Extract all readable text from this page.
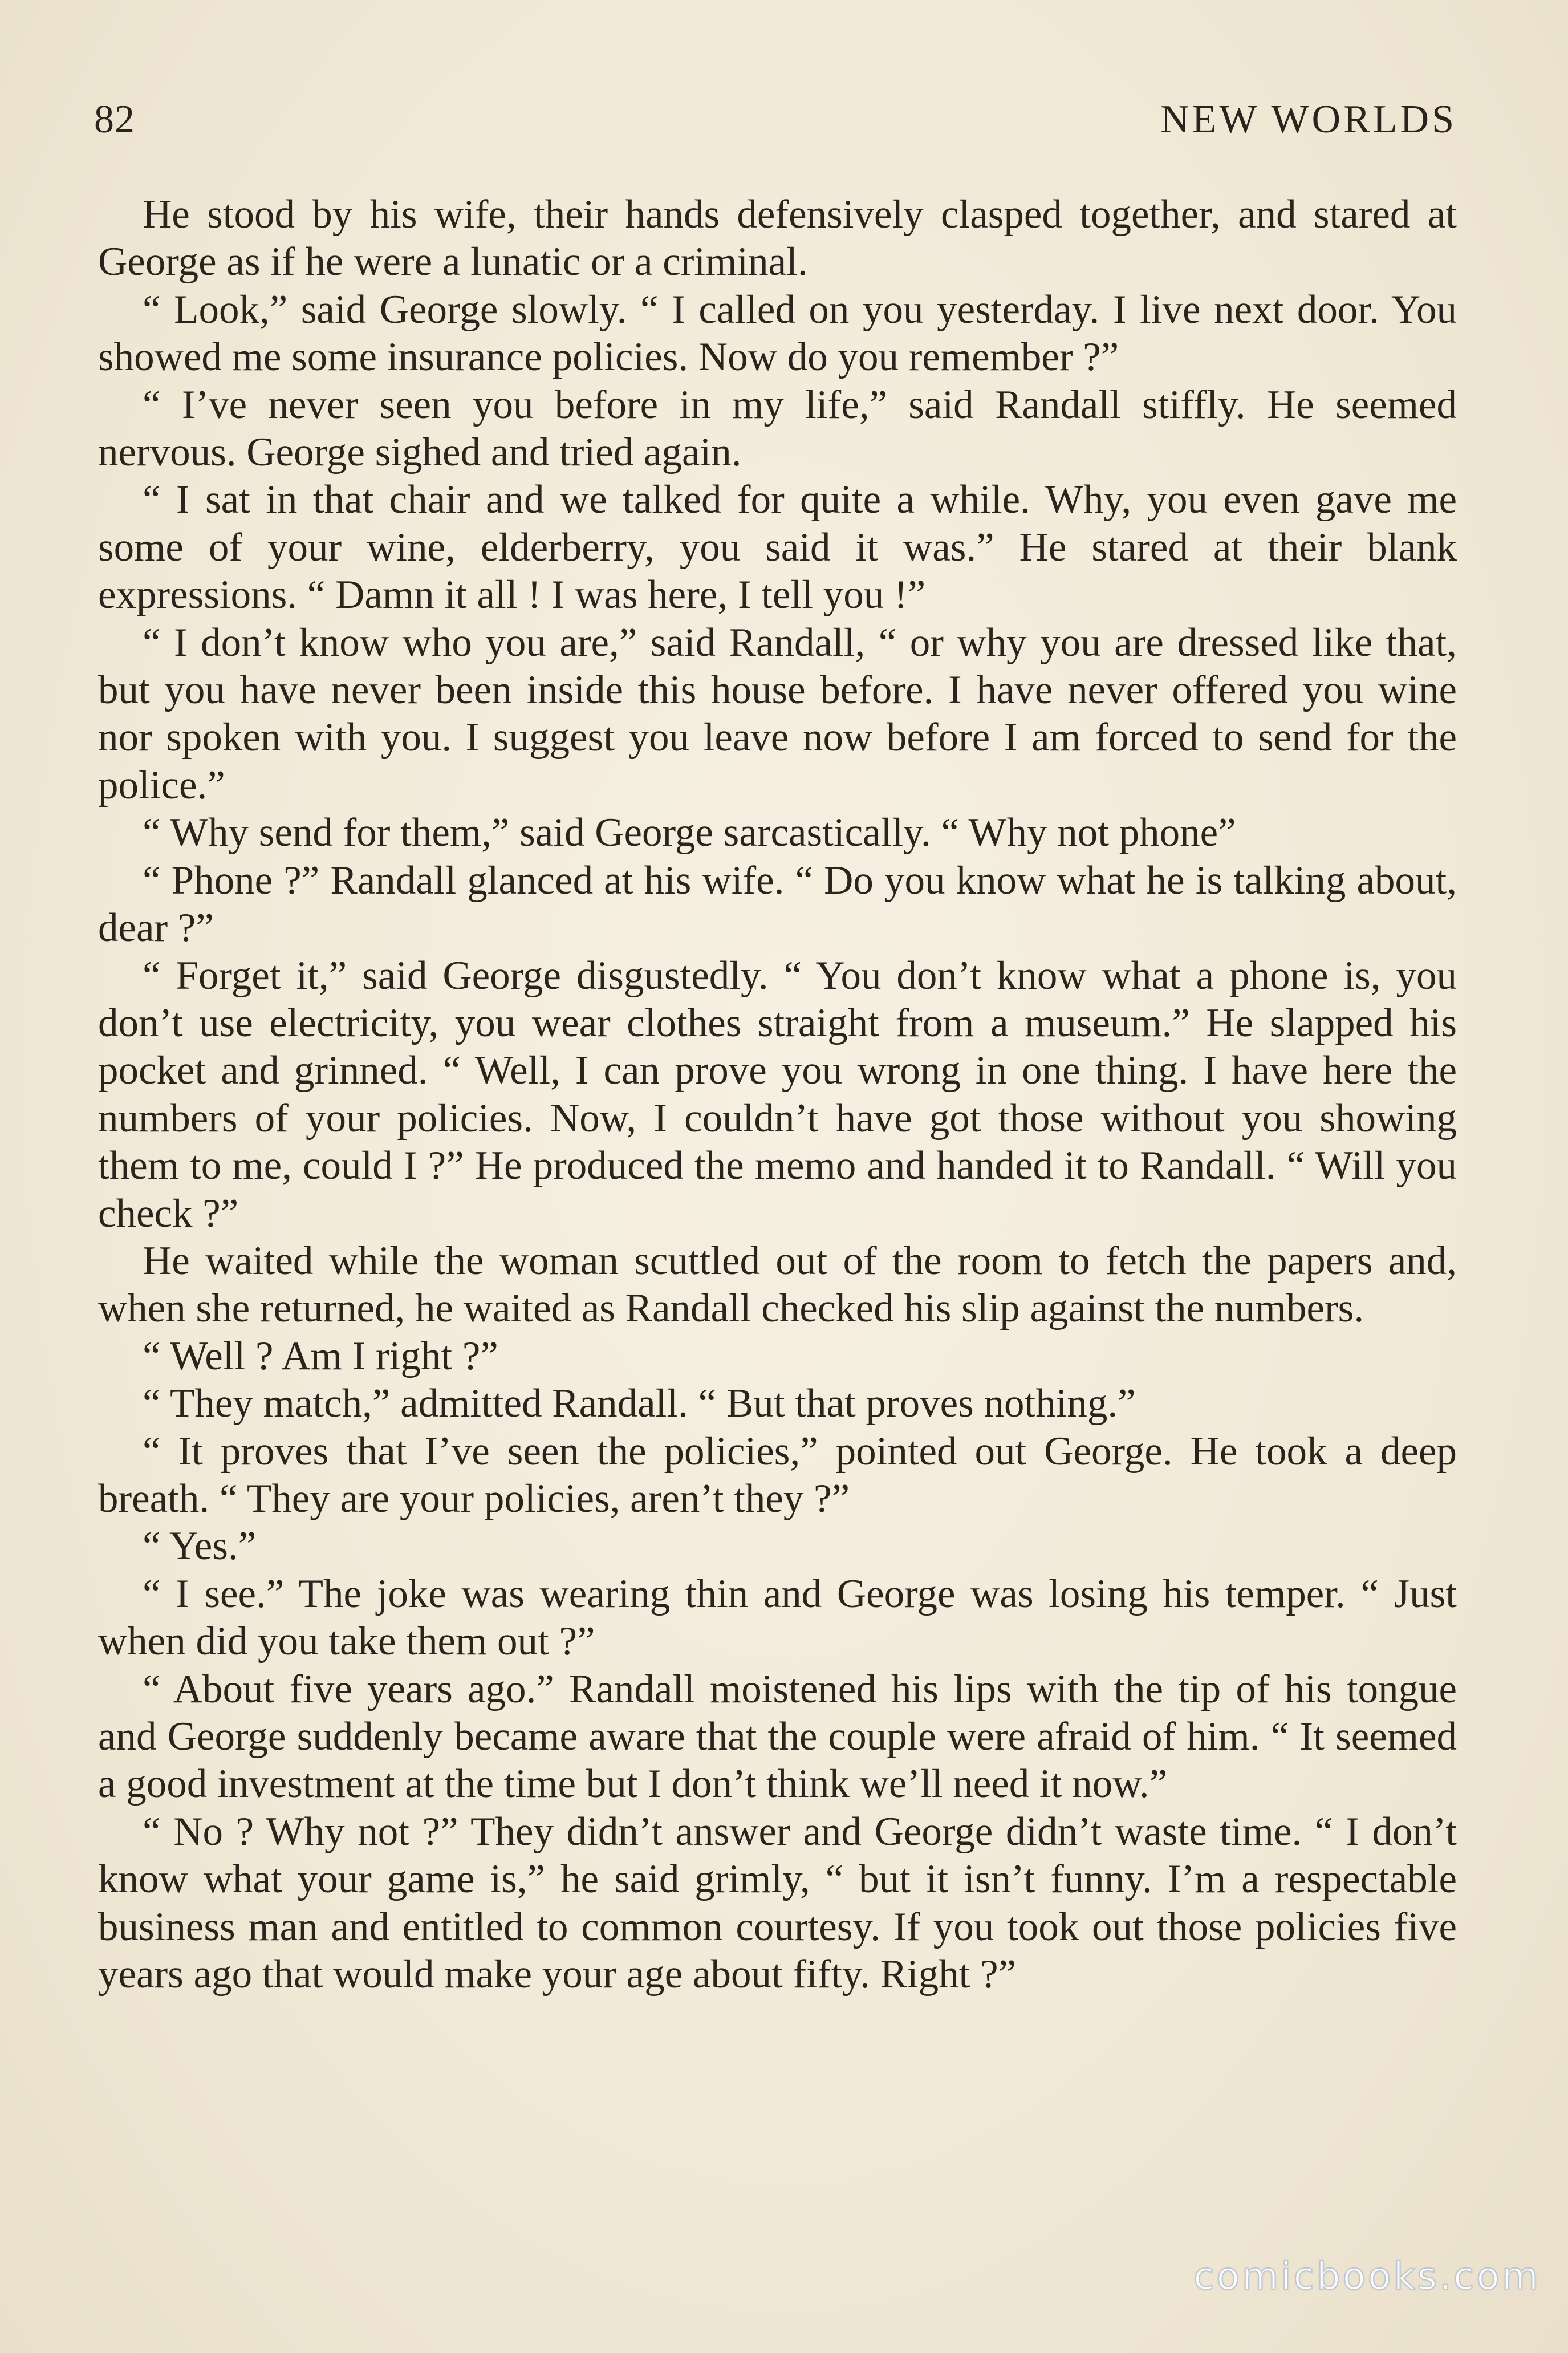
82	NEW WORLDS

He stood by his wife, their hands defensively clasped together, and stared at George as if he were a lunatic or a criminal.

“ Look,” said George slowly. “ I called on you yesterday. I live next door. You showed me some insurance policies. Now do you remember ?”

“ I’ve never seen you before in my life,” said Randall stiffly. He seemed nervous. George sighed and tried again.

“ I sat in that chair and we talked for quite a while. Why, you even gave me some of your wine, elderberry, you said it was.” He stared at their blank expressions. “ Damn it all ! I was here, I tell you !”

“ I don’t know who you are,” said Randall, “ or why you are dressed like that, but you have never been inside this house before. I have never offered you wine nor spoken with you. I suggest you leave now before I am forced to send for the police.”

“ Why send for them,” said George sarcastically. “ Why not phone”

“ Phone ?” Randall glanced at his wife. “ Do you know what he is talking about, dear ?”

“ Forget it,” said George disgustedly. “ You don’t know what a phone is, you don’t use electricity, you wear clothes straight from a museum.” He slapped his pocket and grinned. “ Well, I can prove you wrong in one thing. I have here the numbers of your policies. Now, I couldn’t have got those without you showing them to me, could I ?” He produced the memo and handed it to Randall. “ Will you check ?”

He waited while the woman scuttled out of the room to fetch the papers and, when she returned, he waited as Randall checked his slip against the numbers.

“ Well ? Am I right ?”

“ They match,” admitted Randall. “ But that proves nothing.”

“ It proves that I’ve seen the policies,” pointed out George. He took a deep breath. “ They are your policies, aren’t they ?”

“ Yes.”

“ I see.” The joke was wearing thin and George was losing his temper. “ Just when did you take them out ?”

“ About five years ago.” Randall moistened his lips with the tip of his tongue and George suddenly became aware that the couple were afraid of him. “ It seemed a good investment at the time but I don’t think we’ll need it now.”

“ No ? Why not ?” They didn’t answer and George didn’t waste time. “ I don’t know what your game is,” he said grimly, “ but it isn’t funny. I’m a respectable business man and entitled to common courtesy. If you took out those policies five years ago that would make your age about fifty. Right ?”

comicbooks.com
